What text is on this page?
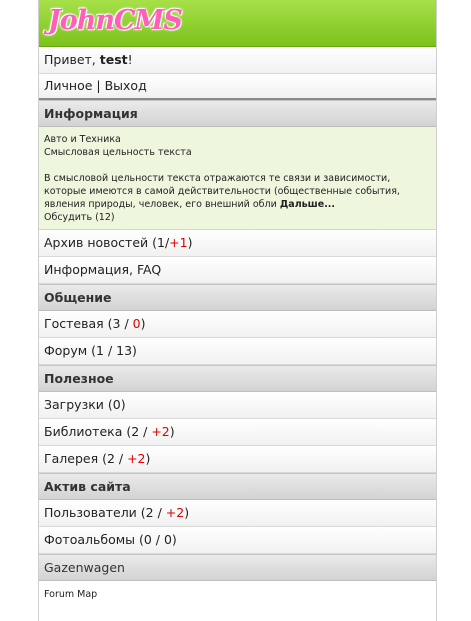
JohnCMS
Привет, test!
Личное | Выход
Информация
Авто и Техника
Смысловая цельность текста
В смысловой цельности текста отражаются те связи и зависимости, которые имеются в самой действительности (общественные события, явления природы, человек, его внешний обли Дальше...
Обсудить (12)
Архив новостей (1/+1)
Информация, FAQ
Общение
Гостевая (3 / 0)
Форум (1 / 13)
Полезное
Загрузки (0)
Библиотека (2 / +2)
Галерея (2 / +2)
Актив сайта
Пользователи (2 / +2)
Фотоальбомы (0 / 0)
Gazenwagen
Forum Map
